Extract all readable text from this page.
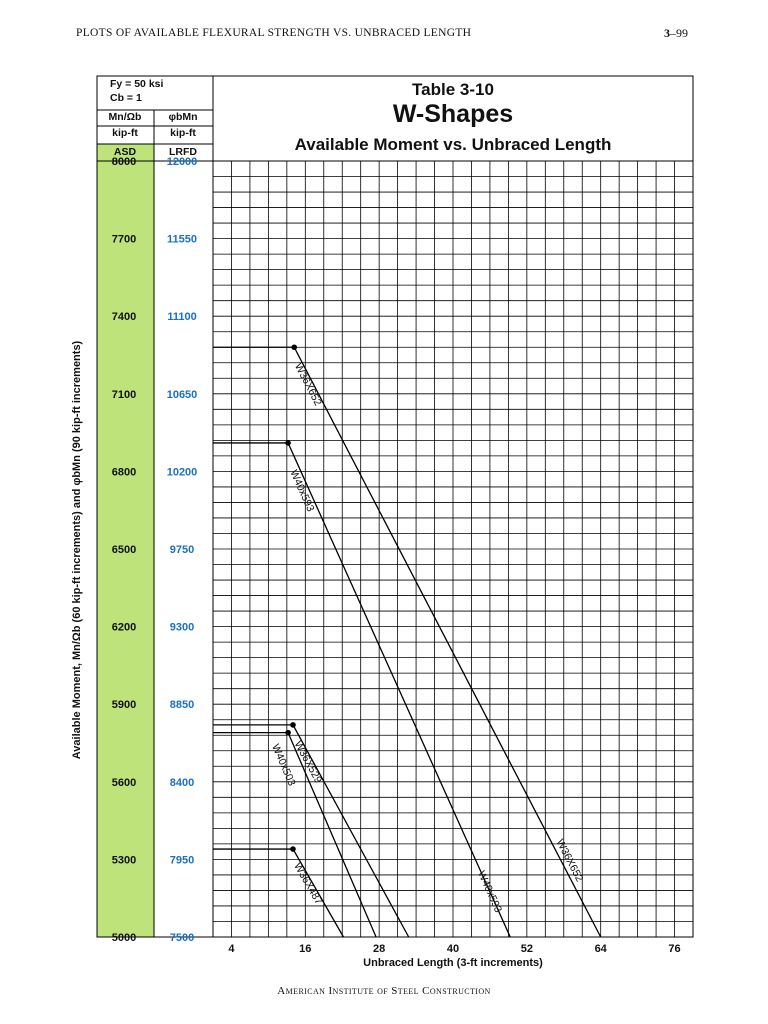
PLOTS OF AVAILABLE FLEXURAL STRENGTH VS. UNBRACED LENGTH	3–99
Available Moment, Mn/Ωb (60 kip-ft increments) and φbMn (90 kip-ft increments)	W36X652
W36X652
W40x593
W40x593
W36X529
W40x503
W36X487
8000	12000
7700	11550
7400	11100
7100	10650
6800	10200
6500	9750
6200	9300
5900	8850
5600	8400
5300	7950
5000	7500
4	16	28	40	52	64	76
Unbraced Length (3-ft increments)
Table 3-10
W-Shapes
Available Moment vs. Unbraced Length
Fy = 50 ksi
Cb = 1
Mn/Ωb	φbMn
kip-ft	kip-ft
ASD	LRFD
American Institute of Steel Construction
